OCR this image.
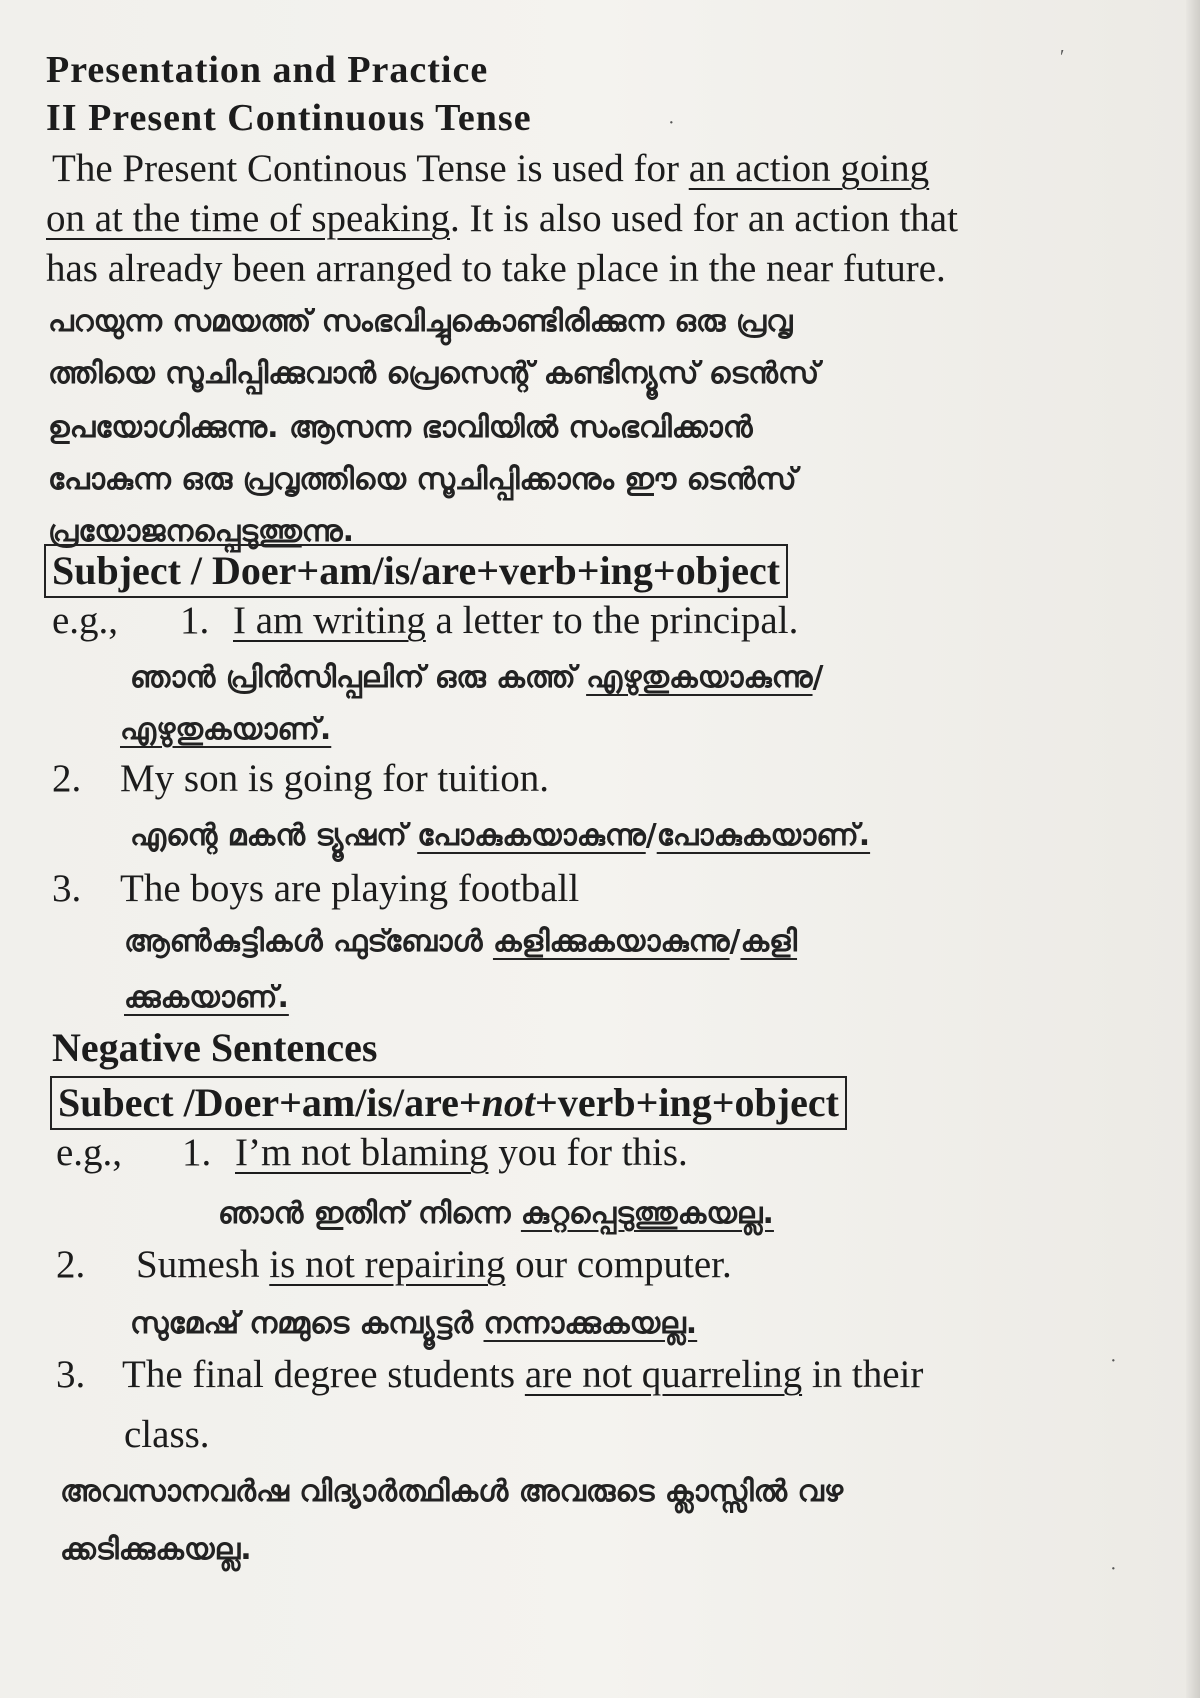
Presentation and Practice
II Present Continuous Tense
The Present Continous Tense is used for an action going
on at the time of speaking. It is also used for an action that
has already been arranged to take place in the near future.
പറയുന്ന സമയത്ത് സംഭവിച്ചുകൊണ്ടിരിക്കുന്ന ഒരു പ്രവൃ
ത്തിയെ സൂചിപ്പിക്കുവാൻ പ്രെസെന്റ് കണ്ടിന്യൂസ് ടെൻസ്
ഉപയോഗിക്കുന്നു. ആസന്ന ഭാവിയിൽ സംഭവിക്കാൻ
പോകുന്ന ഒരു പ്രവൃത്തിയെ സൂചിപ്പിക്കാനും ഈ ടെൻസ്
പ്രയോജനപ്പെടുത്തുന്നു.
Subject / Doer+am/is/are+verb+ing+object
e.g., 1. I am writing a letter to the principal.
ഞാൻ പ്രിൻസിപ്പലിന് ഒരു കത്ത് എഴുതുകയാകുന്നു/
എഴുതുകയാണ്.
2. My son is going for tuition.
എന്റെ മകൻ ട്യൂഷന് പോകുകയാകുന്നു/പോകുകയാണ്.
3. The boys are playing football
ആൺകുട്ടികൾ ഫുട്ബോൾ കളിക്കുകയാകുന്നു/കളി
ക്കുകയാണ്.
Negative Sentences
Subect /Doer+am/is/are+not+verb+ing+object
e.g., 1. I’m not blaming you for this.
ഞാൻ ഇതിന് നിന്നെ കുറ്റപ്പെടുത്തുകയല്ല.
2. Sumesh is not repairing our computer.
സുമേഷ് നമ്മുടെ കമ്പ്യൂട്ടർ നന്നാക്കുകയല്ല.
3. The final degree students are not quarreling in their
class.
അവസാനവർഷ വിദ്യാർത്ഥികൾ അവരുടെ ക്ലാസ്സിൽ വഴ
ക്കടിക്കുകയല്ല.
′
·
·
·
